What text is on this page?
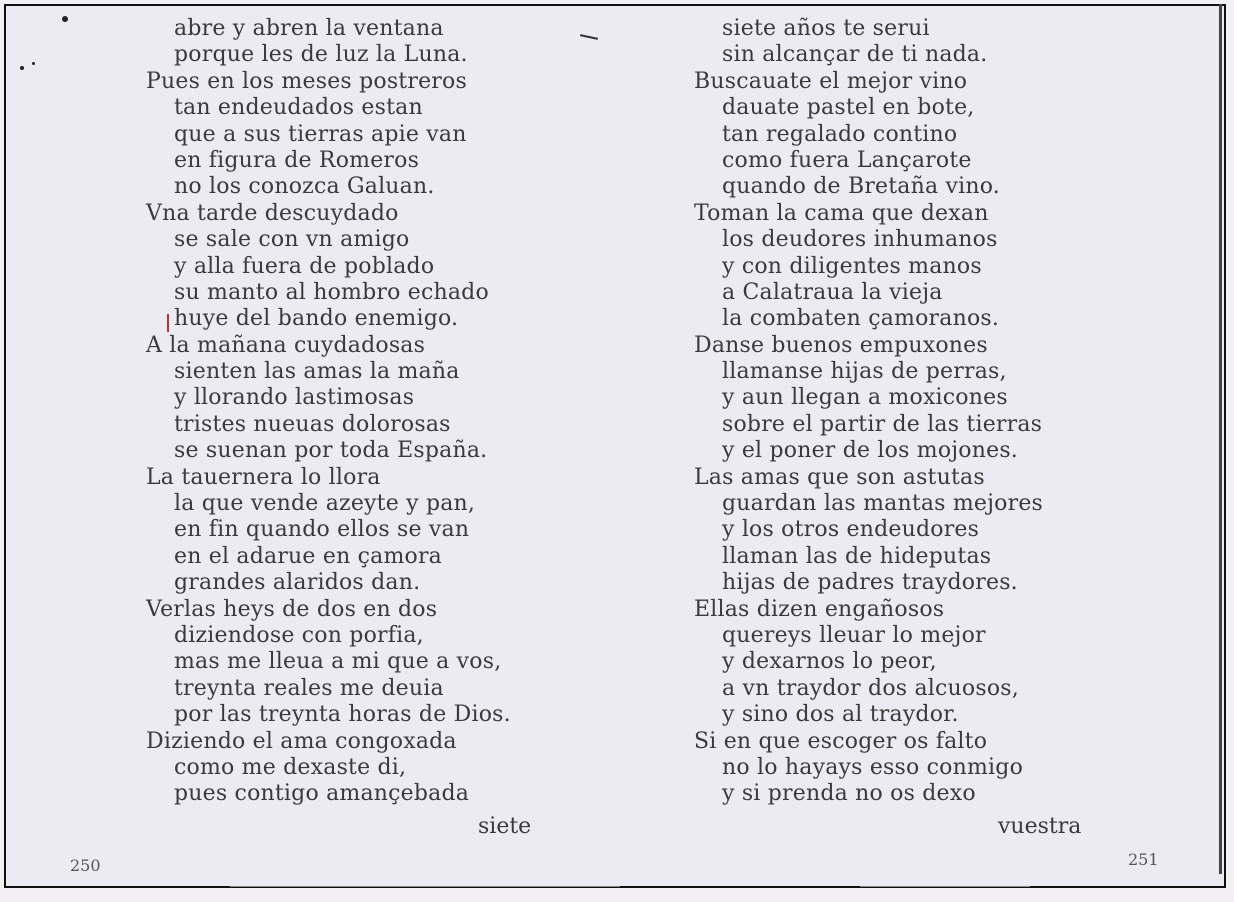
abre y abren la ventana
porque les de luz la Luna.
Pues en los meses postreros
tan endeudados estan
que a sus tierras apie van
en figura de Romeros
no los conozca Galuan.
Vna tarde descuydado
se sale con vn amigo
y alla fuera de poblado
su manto al hombro echado
huye del bando enemigo.
A la mañana cuydadosas
sienten las amas la maña
y llorando lastimosas
tristes nueuas dolorosas
se suenan por toda España.
La tauernera lo llora
la que vende azeyte y pan,
en fin quando ellos se van
en el adarue en çamora
grandes alaridos dan.
Verlas heys de dos en dos
diziendose con porfia,
mas me lleua a mi que a vos,
treynta reales me deuia
por las treynta horas de Dios.
Diziendo el ama congoxada
como me dexaste di,
pues contigo amançebada
siete años te serui
sin alcançar de ti nada.
Buscauate el mejor vino
dauate pastel en bote,
tan regalado contino
como fuera Lançarote
quando de Bretaña vino.
Toman la cama que dexan
los deudores inhumanos
y con diligentes manos
a Calatraua la vieja
la combaten çamoranos.
Danse buenos empuxones
llamanse hijas de perras,
y aun llegan a moxicones
sobre el partir de las tierras
y el poner de los mojones.
Las amas que son astutas
guardan las mantas mejores
y los otros endeudores
llaman las de hideputas
hijas de padres traydores.
Ellas dizen engañosos
quereys lleuar lo mejor
y dexarnos lo peor,
a vn traydor dos alcuosos,
y sino dos al traydor.
Si en que escoger os falto
no lo hayays esso conmigo
y si prenda no os dexo
siete	vuestra
250	251
